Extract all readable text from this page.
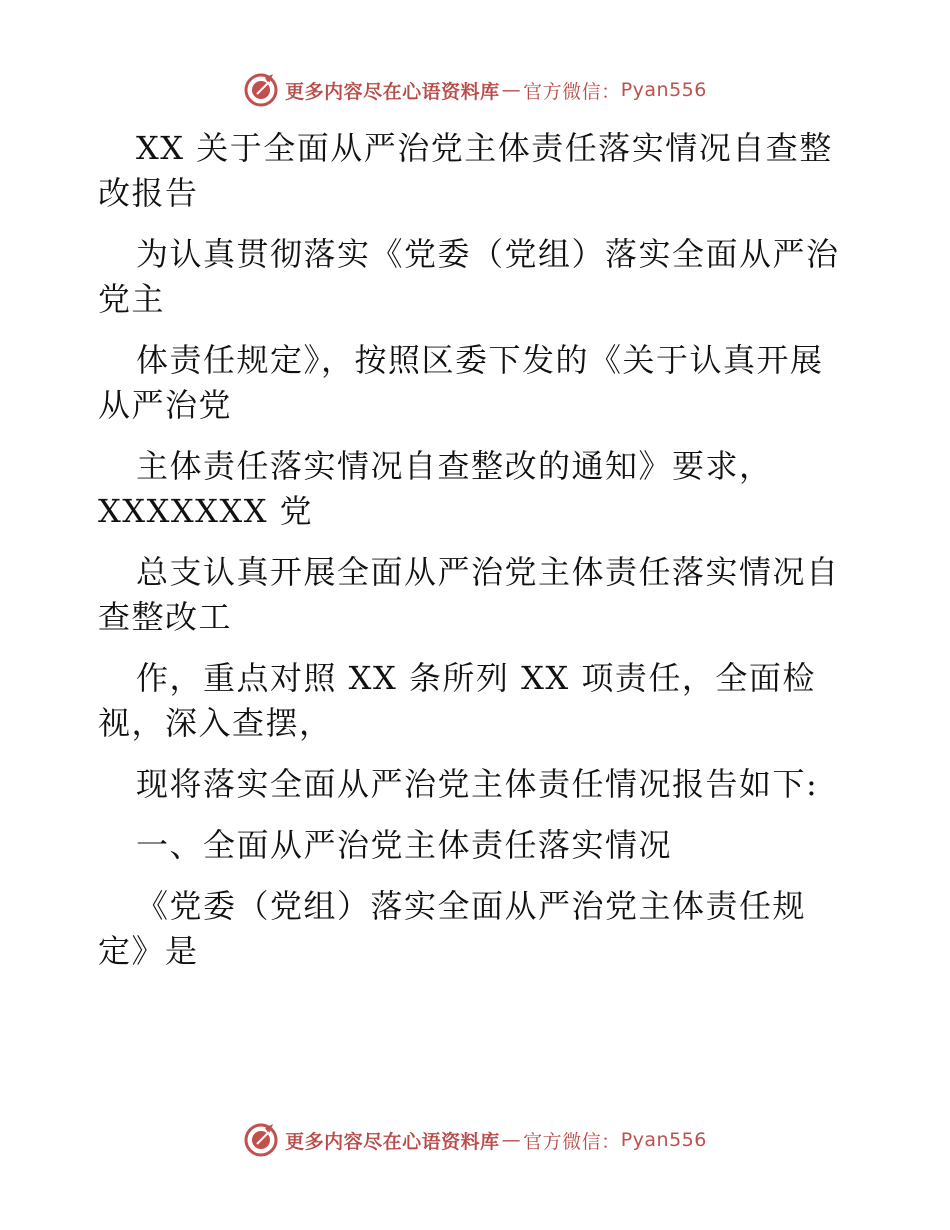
更多内容尽在心语资料库 — 官方微信： Pyan556
XX 关于全面从严治党主体责任落实情况自查整
改报告
为认真贯彻落实《党委（党组）落实全面从严治
党主
体责任规定》，按照区委下发的《关于认真开展
从严治党
主体责任落实情况自查整改的通知》要求，
XXXXXXX 党
总支认真开展全面从严治党主体责任落实情况自
查整改工
作，重点对照 XX 条所列 XX 项责任，全面检
视，深入查摆，
现将落实全面从严治党主体责任情况报告如下:
一、全面从严治党主体责任落实情况
《党委（党组）落实全面从严治党主体责任规
定》是
更多内容尽在心语资料库 — 官方微信： Pyan556
